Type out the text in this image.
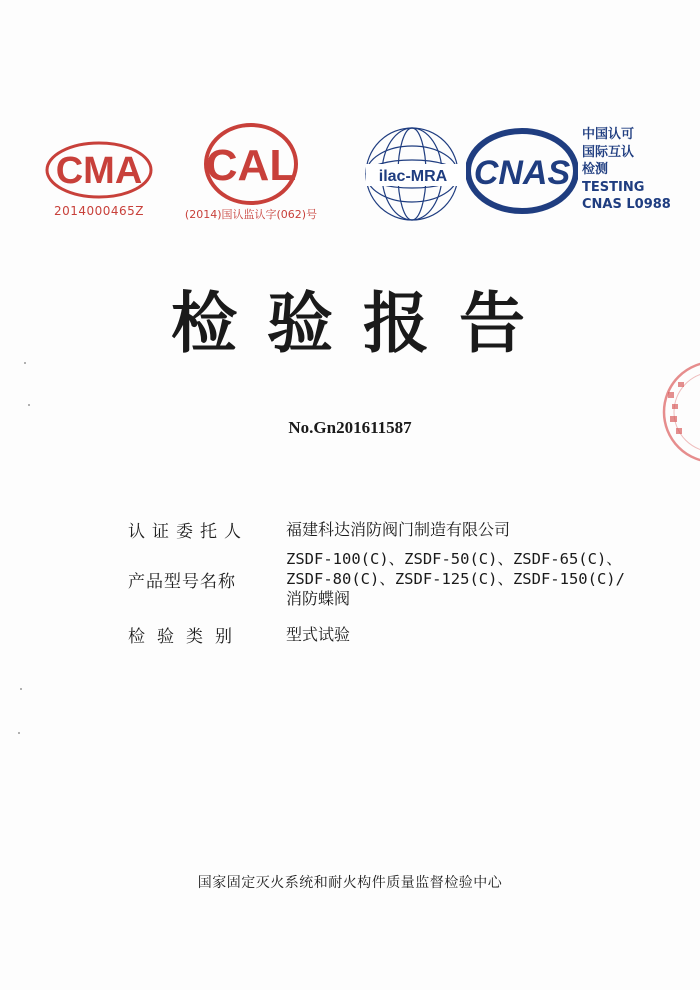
CMA
2014000465Z
CAL
(2014)国认监认字(062)号
ilac-MRA CNAS
中国认可
国际互认
检测
TESTING
CNAS L0988
检验报告
No.Gn201611587
认证委托人 福建科达消防阀门制造有限公司
产品型号名称
ZSDF-100(C)、ZSDF-50(C)、ZSDF-65(C)、
ZSDF-80(C)、ZSDF-125(C)、ZSDF-150(C)/
消防蝶阀
检验类别	型式试验
国家固定灭火系统和耐火构件质量监督检验中心
